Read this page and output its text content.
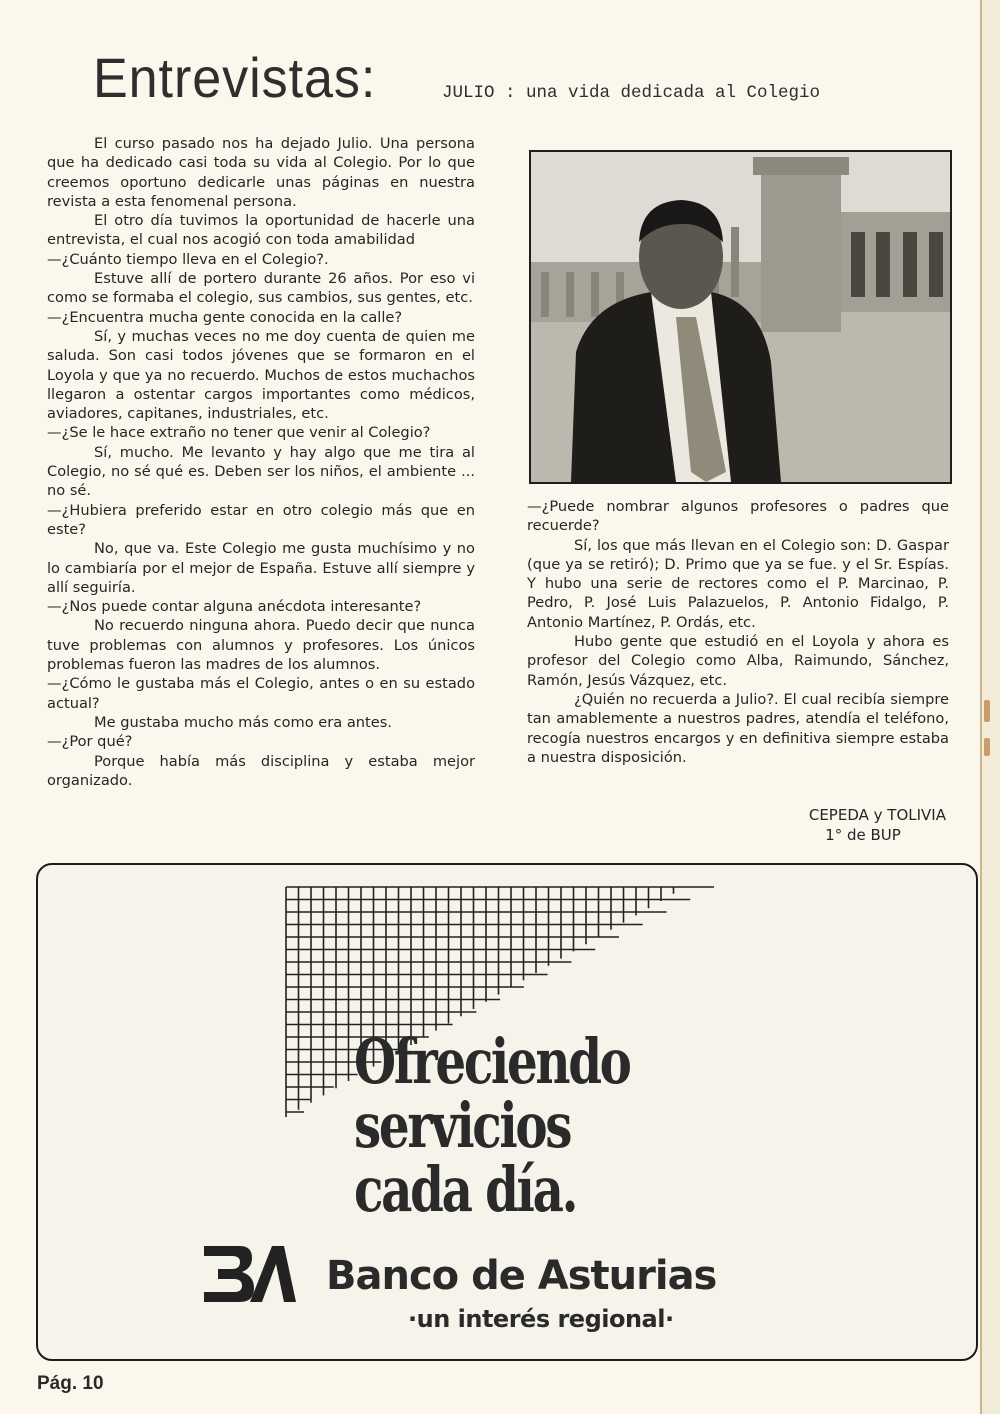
Entrevistas:	JULIO : una vida dedicada al Colegio

El curso pasado nos ha dejado Julio. Una persona que ha dedicado casi toda su vida al Colegio. Por lo que creemos oportuno dedicarle unas páginas en nuestra revista a esta fenomenal persona.

El otro día tuvimos la oportunidad de hacerle una entrevista, el cual nos acogió con toda amabilidad

—¿Cuánto tiempo lleva en el Colegio?.

Estuve allí de portero durante 26 años. Por eso vi como se formaba el colegio, sus cambios, sus gentes, etc.

—¿Encuentra mucha gente conocida en la calle?

Sí, y muchas veces no me doy cuenta de quien me saluda. Son casi todos jóvenes que se formaron en el Loyola y que ya no recuerdo. Muchos de estos muchachos llegaron a ostentar cargos importantes como médicos, aviadores, capitanes, industriales, etc.

—¿Se le hace extraño no tener que venir al Colegio?

Sí, mucho. Me levanto y hay algo que me tira al Colegio, no sé qué es. Deben ser los niños, el ambiente ... no sé.

—¿Hubiera preferido estar en otro colegio más que en este?

No, que va. Este Colegio me gusta muchísimo y no lo cambiaría por el mejor de España. Estuve allí siempre y allí seguiría.

—¿Nos puede contar alguna anécdota interesante?

No recuerdo ninguna ahora. Puedo decir que nunca tuve problemas con alumnos y profesores. Los únicos problemas fueron las madres de los alumnos.

—¿Cómo le gustaba más el Colegio, antes o en su estado actual?

Me gustaba mucho más como era antes.

—¿Por qué?

Porque había más disciplina y estaba mejor organizado.

—¿Puede nombrar algunos profesores o padres que recuerde?

Sí, los que más llevan en el Colegio son: D. Gaspar (que ya se retiró); D. Primo que ya se fue. y el Sr. Espías. Y hubo una serie de rectores como el P. Marcinao, P. Pedro, P. José Luis Palazuelos, P. Antonio Fidalgo, P. Antonio Martínez, P. Ordás, etc.

Hubo gente que estudió en el Loyola y ahora es profesor del Colegio como Alba, Raimundo, Sánchez, Ramón, Jesús Vázquez, etc.

¿Quién no recuerda a Julio?. El cual recibía siempre tan amablemente a nuestros padres, atendía el teléfono, recogía nuestros encargos y en definitiva siempre estaba a nuestra disposición.

CEPEDA y TOLIVIA
1° de BUP
Ofreciendo
servicios
cada día.
Banco de Asturias
·un interés regional·
Pág. 10
